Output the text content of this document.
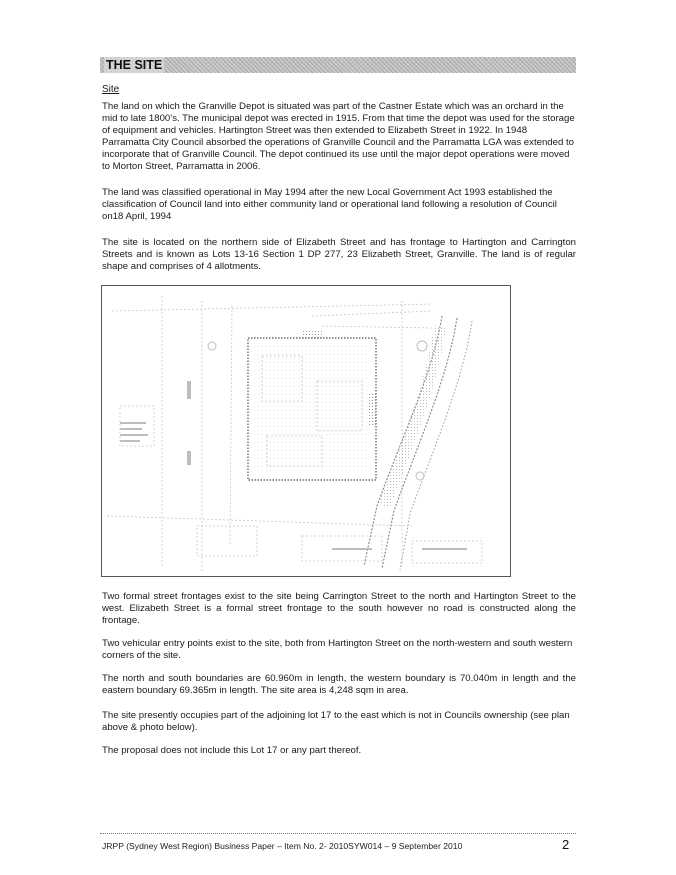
THE SITE
Site

The land on which the Granville Depot is situated was part of the Castner Estate which was an orchard in the mid to late 1800’s. The municipal depot was erected in 1915. From that time the depot was used for the storage of equipment and vehicles. Hartington Street was then extended to Elizabeth Street in 1922. In 1948 Parramatta City Council absorbed the operations of Granville Council and the Parramatta LGA was extended to incorporate that of Granville Council. The depot continued its use until the major depot operations were moved to Morton Street, Parramatta in 2006.

The land was classified operational in May 1994 after the new Local Government Act 1993 established the classification of Council land into either community land or operational land following a resolution of Council on18 April, 1994

The site is located on the northern side of Elizabeth Street and has frontage to Hartington and Carrington Streets and is known as Lots 13-16 Section 1 DP 277, 23 Elizabeth Street, Granville. The land is of regular shape and comprises of 4 allotments.

Two formal street frontages exist to the site being Carrington Street to the north and Hartington Street to the west. Elizabeth Street is a formal street frontage to the south however no road is constructed along the frontage.

Two vehicular entry points exist to the site, both from Hartington Street on the north-western and south western corners of the site.

The north and south boundaries are 60.960m in length, the western boundary is 70.040m in length and the eastern boundary 69.365m in length. The site area is 4,248 sqm in area.

The site presently occupies part of the adjoining lot 17 to the east which is not in Councils ownership (see plan above & photo below).

The proposal does not include this Lot 17 or any part thereof.

JRPP (Sydney West Region) Business Paper – Item No. 2- 2010SYW014 – 9 September 2010	2
